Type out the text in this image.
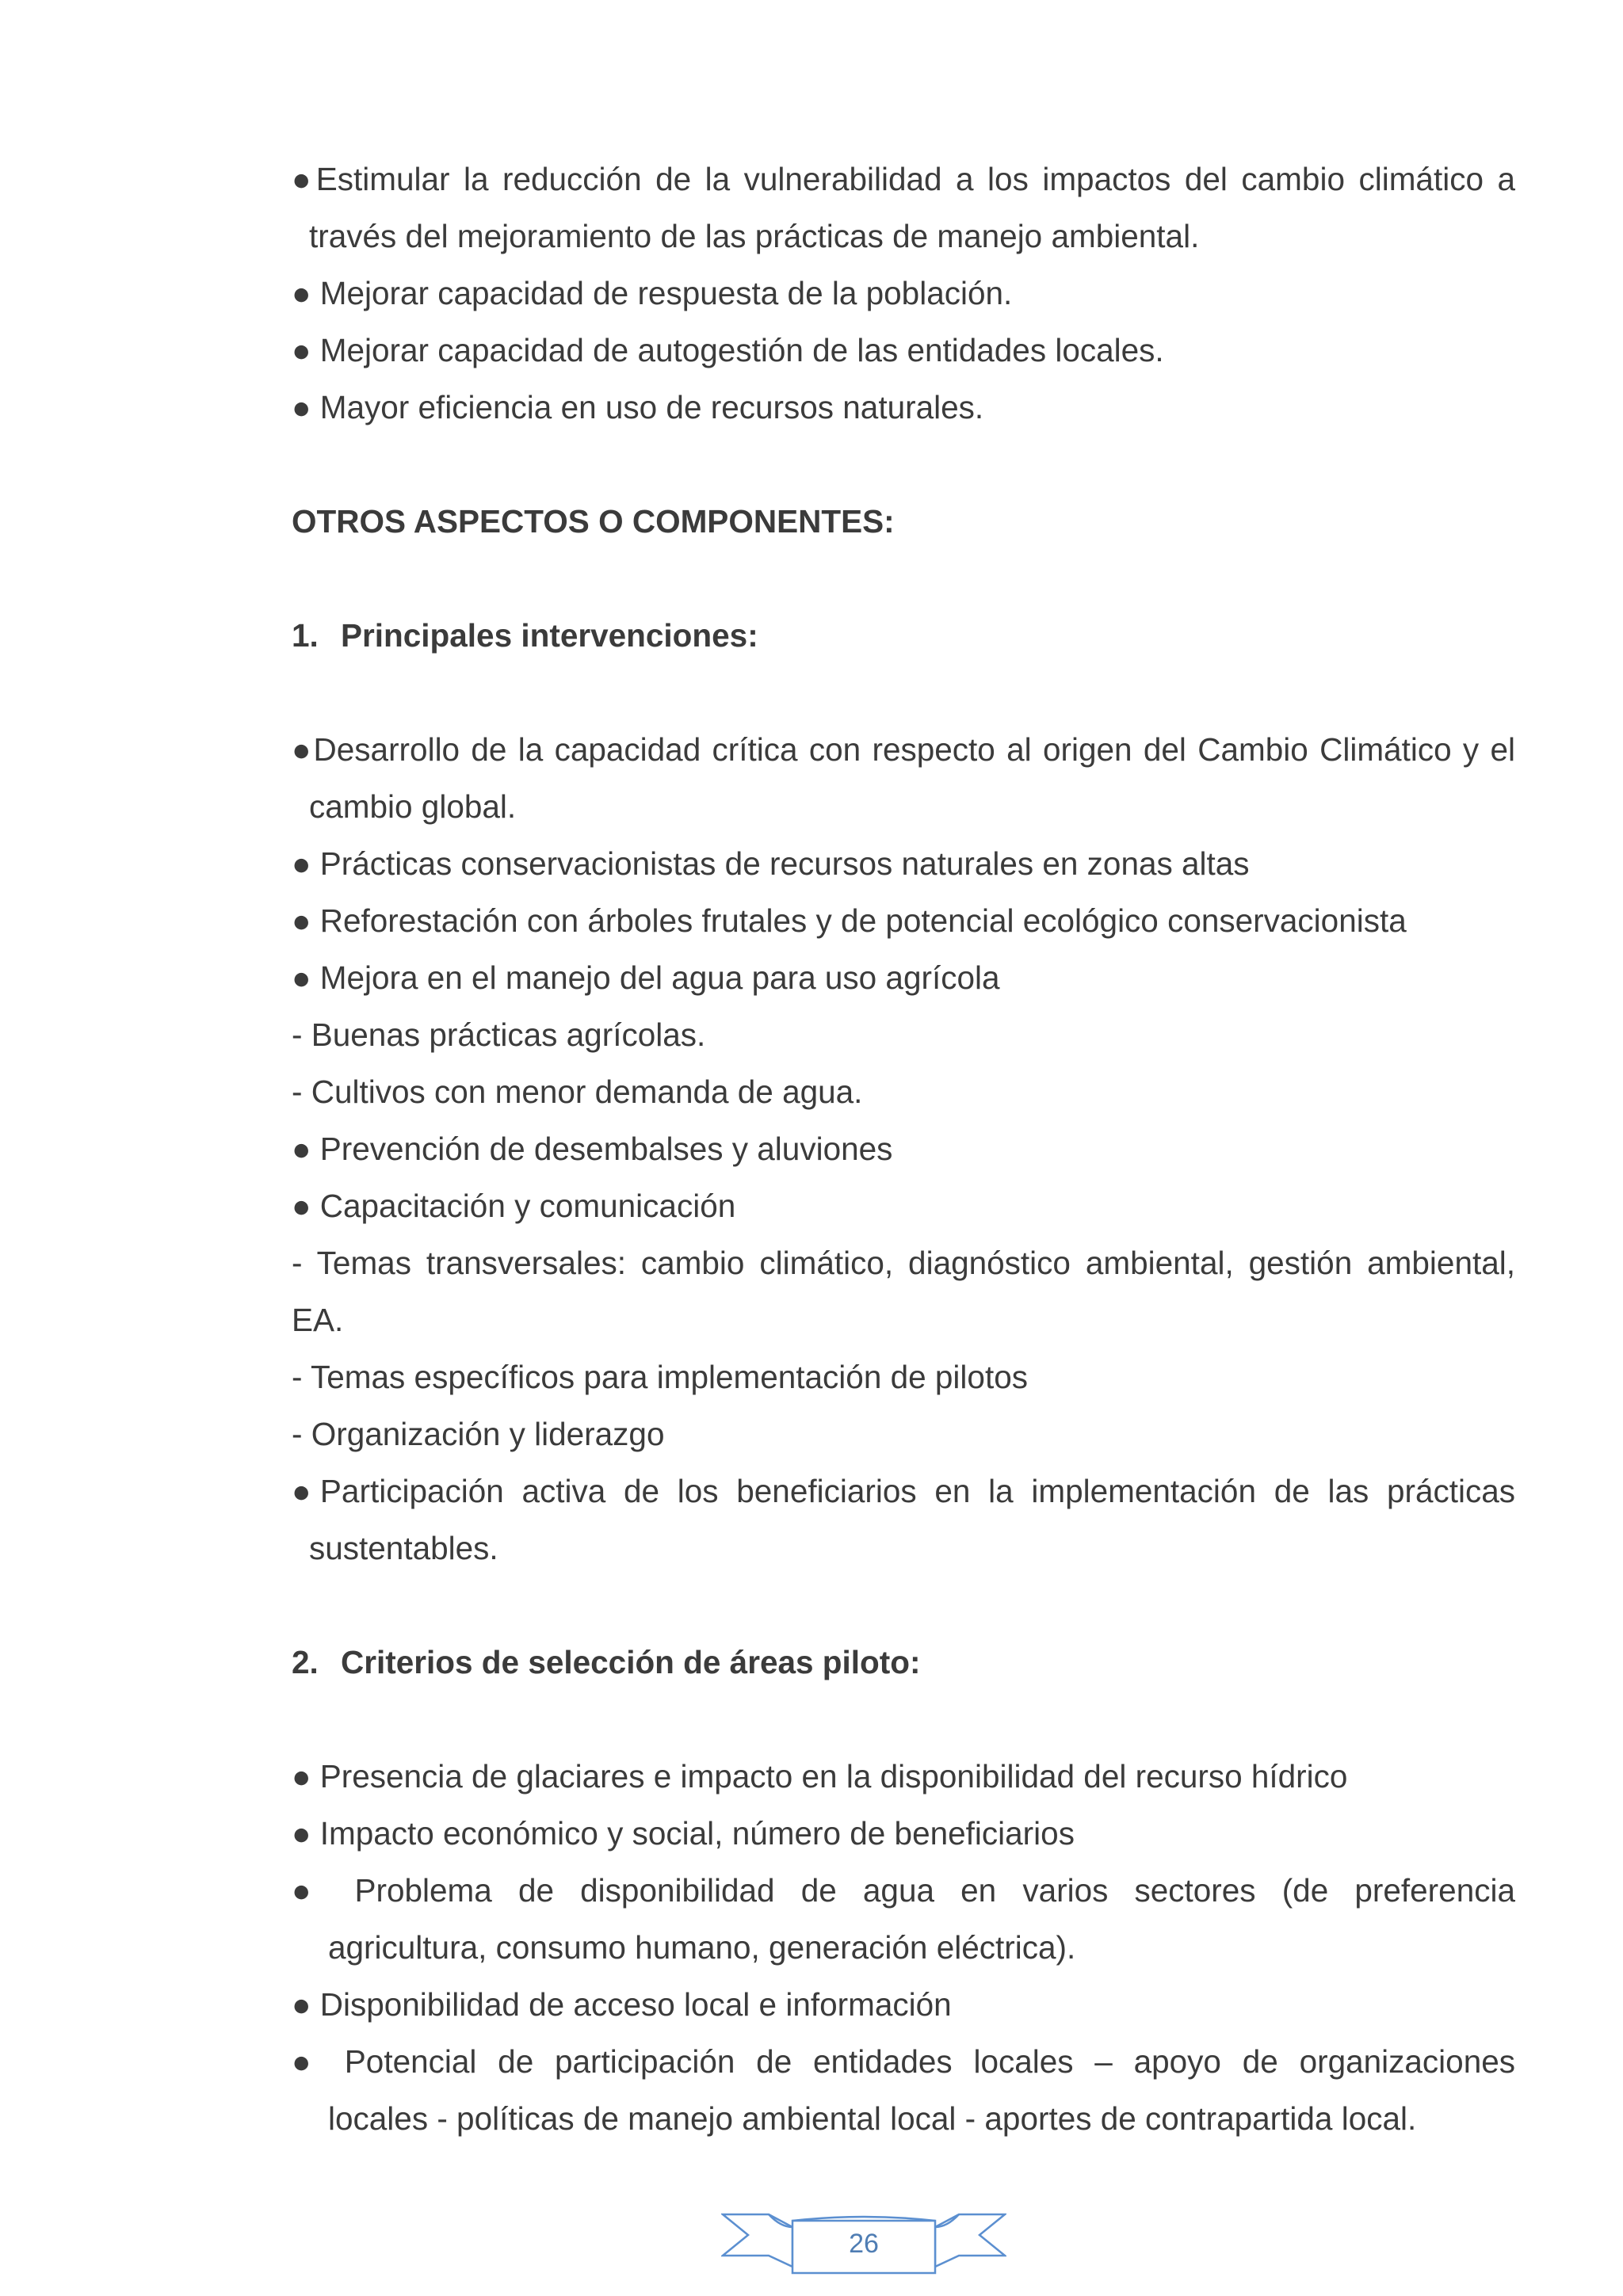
●Estimular la reducción de la vulnerabilidad a los impactos del cambio climático a
través del mejoramiento de las prácticas de manejo ambiental.
● Mejorar capacidad de respuesta de la población.
● Mejorar capacidad de autogestión de las entidades locales.
● Mayor eficiencia en uso de recursos naturales.
OTROS ASPECTOS O COMPONENTES:
1. Principales intervenciones:
●Desarrollo de la capacidad crítica con respecto al origen del Cambio Climático y el
cambio global.
● Prácticas conservacionistas de recursos naturales en zonas altas
● Reforestación con árboles frutales y de potencial ecológico conservacionista
● Mejora en el manejo del agua para uso agrícola
- Buenas prácticas agrícolas.
- Cultivos con menor demanda de agua.
● Prevención de desembalses y aluviones
● Capacitación y comunicación
- Temas transversales: cambio climático, diagnóstico ambiental, gestión ambiental,
EA.
- Temas específicos para implementación de pilotos
- Organización y liderazgo
●Participación activa de los beneficiarios en la implementación de las prácticas
sustentables.
2. Criterios de selección de áreas piloto:
● Presencia de glaciares e impacto en la disponibilidad del recurso hídrico
● Impacto económico y social, número de beneficiarios
● Problema de disponibilidad de agua en varios sectores (de preferencia
agricultura, consumo humano, generación eléctrica).
● Disponibilidad de acceso local e información
● Potencial de participación de entidades locales – apoyo de organizaciones
locales - políticas de manejo ambiental local - aportes de contrapartida local.
26
